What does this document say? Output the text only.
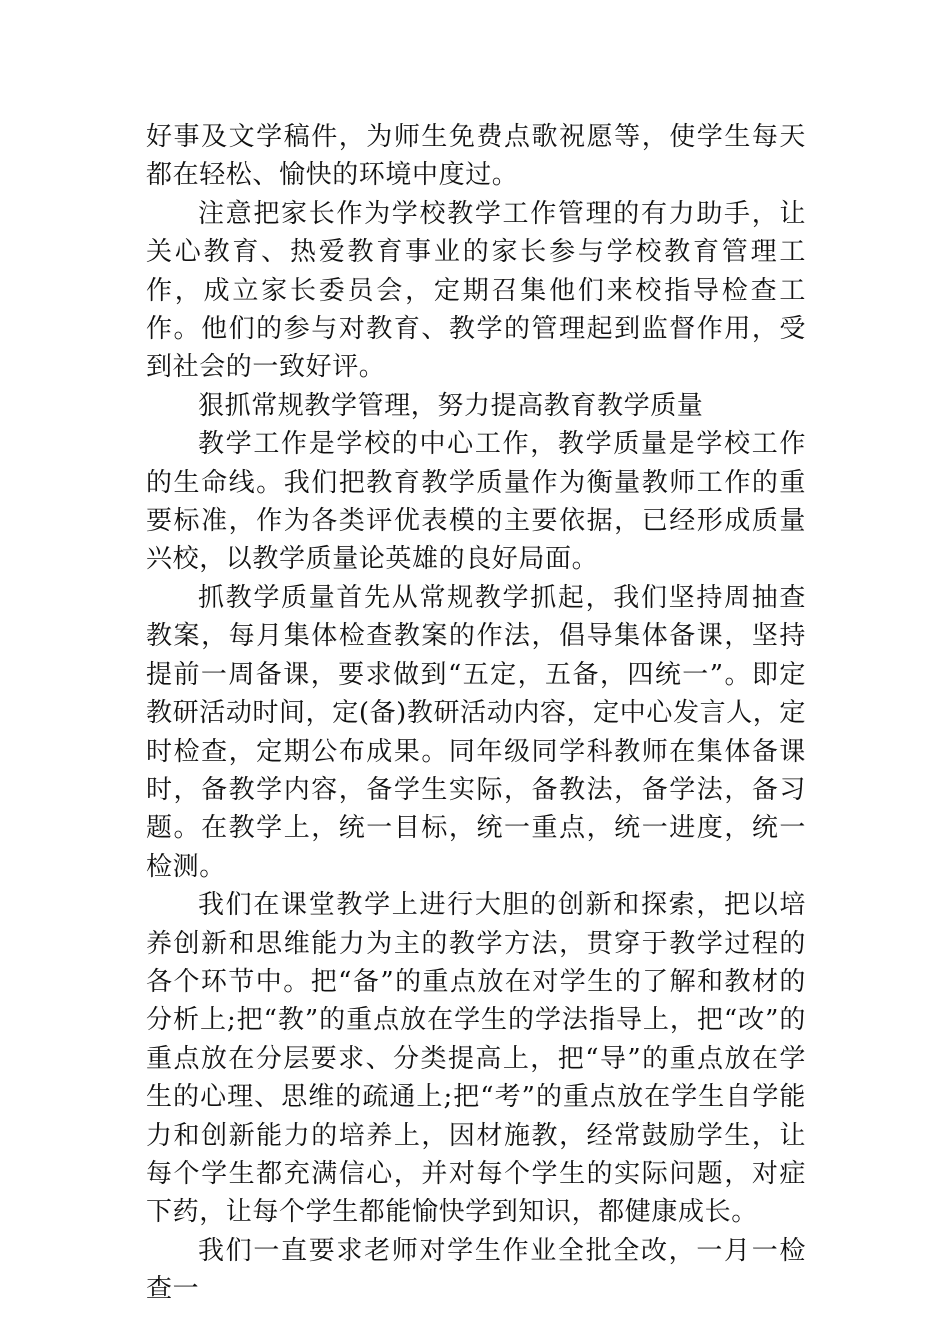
好事及文学稿件，为师生免费点歌祝愿等，使学生每天都在轻松、愉快的环境中度过。

注意把家长作为学校教学工作管理的有力助手，让关心教育、热爱教育事业的家长参与学校教育管理工作，成立家长委员会，定期召集他们来校指导检查工作。他们的参与对教育、教学的管理起到监督作用，受到社会的一致好评。

狠抓常规教学管理，努力提高教育教学质量

教学工作是学校的中心工作，教学质量是学校工作的生命线。我们把教育教学质量作为衡量教师工作的重要标准，作为各类评优表模的主要依据，已经形成质量兴校，以教学质量论英雄的良好局面。

抓教学质量首先从常规教学抓起，我们坚持周抽查教案，每月集体检查教案的作法，倡导集体备课，坚持提前一周备课，要求做到“五定，五备，四统一”。即定教研活动时间，定(备)教研活动内容，定中心发言人，定时检查，定期公布成果。同年级同学科教师在集体备课时，备教学内容，备学生实际，备教法，备学法，备习题。在教学上，统一目标，统一重点，统一进度，统一检测。

我们在课堂教学上进行大胆的创新和探索，把以培养创新和思维能力为主的教学方法，贯穿于教学过程的各个环节中。把“备”的重点放在对学生的了解和教材的分析上;把“教”的重点放在学生的学法指导上，把“改”的重点放在分层要求、分类提高上，把“导”的重点放在学生的心理、思维的疏通上;把“考”的重点放在学生自学能力和创新能力的培养上，因材施教，经常鼓励学生，让每个学生都充满信心，并对每个学生的实际问题，对症下药，让每个学生都能愉快学到知识，都健康成长。

我们一直要求老师对学生作业全批全改，一月一检查一
